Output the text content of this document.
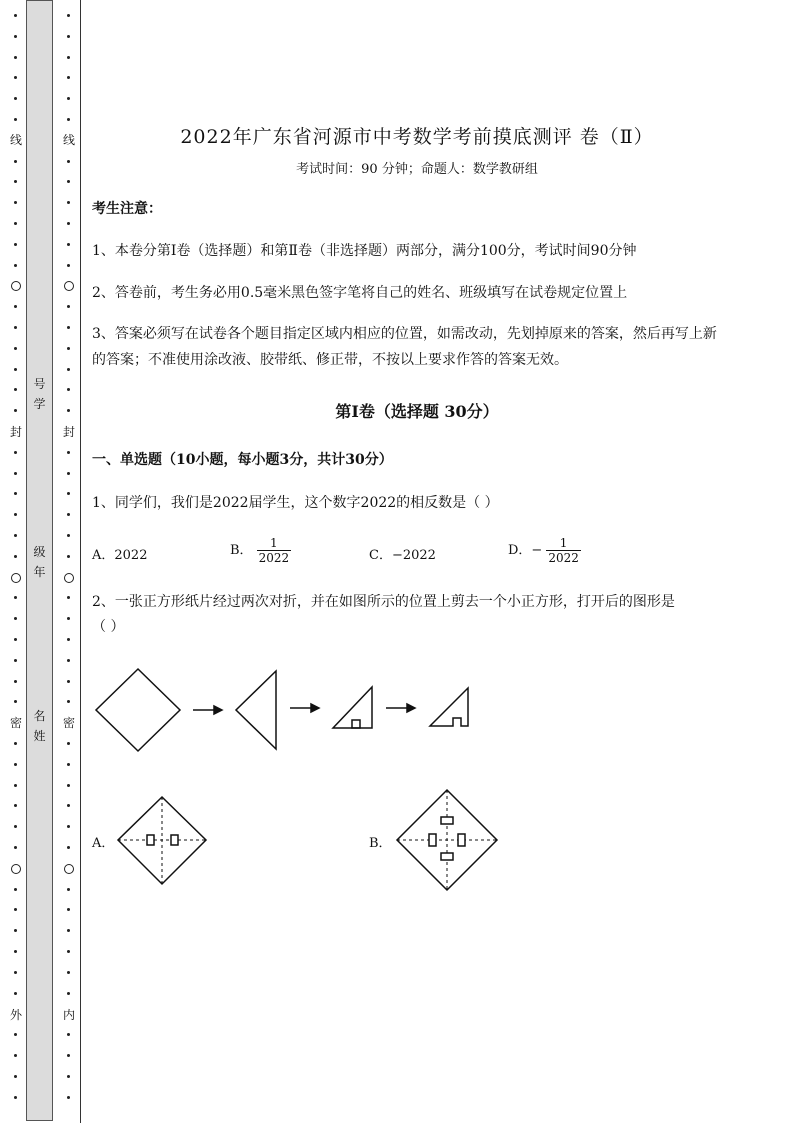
线
封
密
外
线
封
密
内
号
学
级
年
名
姓
2022年广东省河源市中考数学考前摸底测评 卷（Ⅱ）
考试时间：90 分钟；命题人：数学教研组
考生注意：
1、本卷分第Ⅰ卷（选择题）和第Ⅱ卷（非选择题）两部分，满分100分，考试时间90分钟
2、答卷前，考生务必用0.5毫米黑色签字笔将自己的姓名、班级填写在试卷规定位置上
3、答案必须写在试卷各个题目指定区域内相应的位置，如需改动，先划掉原来的答案，然后再写上新
的答案；不准使用涂改液、胶带纸、修正带，不按以上要求作答的答案无效。
第Ⅰ卷（选择题 30分）
一、单选题（10小题，每小题3分，共计30分）
1、同学们，我们是2022届学生，这个数字2022的相反数是（ ）
A．2022	B． $\frac{1}{2022}$	C．−2022	D．− $\frac{1}{2022}$
2、一张正方形纸片经过两次对折，并在如图所示的位置上剪去一个小正方形，打开后的图形是
（ ）
A．	B．
